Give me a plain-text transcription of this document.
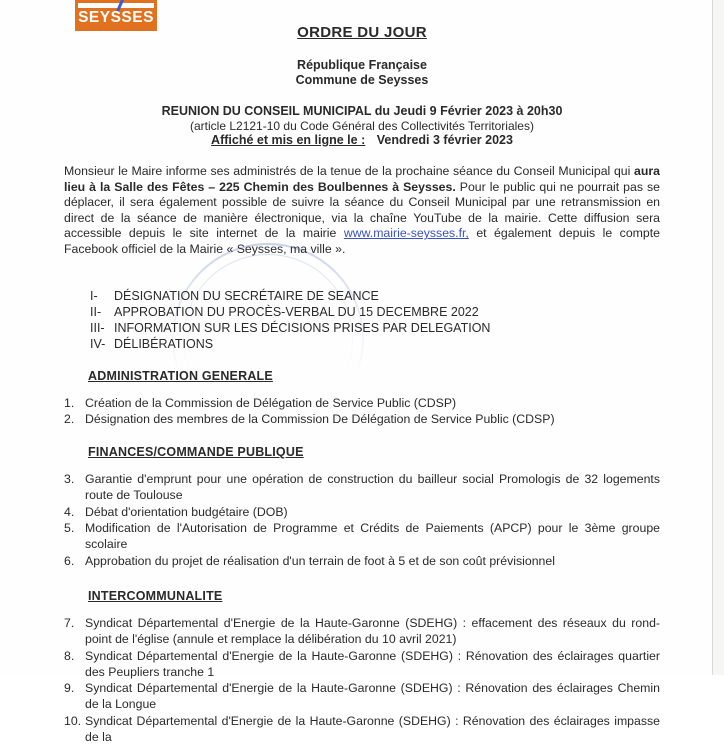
SEYSSES
ORDRE DU JOUR
République Française
Commune de Seysses
REUNION DU CONSEIL MUNICIPAL du Jeudi 9 Février 2023 à 20h30
(article L2121-10 du Code Général des Collectivités Territoriales)
Affiché et mis en ligne le : Vendredi 3 février 2023
Monsieur le Maire informe ses administrés de la tenue de la prochaine séance du Conseil Municipal qui aura lieu à la Salle des Fêtes – 225 Chemin des Boulbennes à Seysses. Pour le public qui ne pourrait pas se déplacer, il sera également possible de suivre la séance du Conseil Municipal par une retransmission en direct de la séance de manière électronique, via la chaîne YouTube de la mairie. Cette diffusion sera accessible depuis le site internet de la mairie www.mairie-seysses.fr, et également depuis le compte Facebook officiel de la Mairie « Seysses, ma ville ».
I-	DÉSIGNATION DU SECRÉTAIRE DE SEANCE
II-	APPROBATION DU PROCÈS-VERBAL DU 15 DECEMBRE 2022
III- INFORMATION SUR LES DÉCISIONS PRISES PAR DELEGATION
IV- DÉLIBÉRATIONS
ADMINISTRATION GENERALE
1. Création de la Commission de Délégation de Service Public (CDSP)
2. Désignation des membres de la Commission De Délégation de Service Public (CDSP)
FINANCES/COMMANDE PUBLIQUE
3. Garantie d'emprunt pour une opération de construction du bailleur social Promologis de 32 logements route de Toulouse
4. Débat d'orientation budgétaire (DOB)
5. Modification de l'Autorisation de Programme et Crédits de Paiements (APCP) pour le 3ème groupe scolaire
6. Approbation du projet de réalisation d'un terrain de foot à 5 et de son coût prévisionnel
INTERCOMMUNALITE
7. Syndicat Départemental d'Energie de la Haute-Garonne (SDEHG) : effacement des réseaux du rond-point de l'église (annule et remplace la délibération du 10 avril 2021)
8. Syndicat Départemental d'Energie de la Haute-Garonne (SDEHG) : Rénovation des éclairages quartier des Peupliers tranche 1
9. Syndicat Départemental d'Energie de la Haute-Garonne (SDEHG) : Rénovation des éclairages Chemin de la Longue
10. Syndicat Départemental d'Energie de la Haute-Garonne (SDEHG) : Rénovation des éclairages impasse de la
